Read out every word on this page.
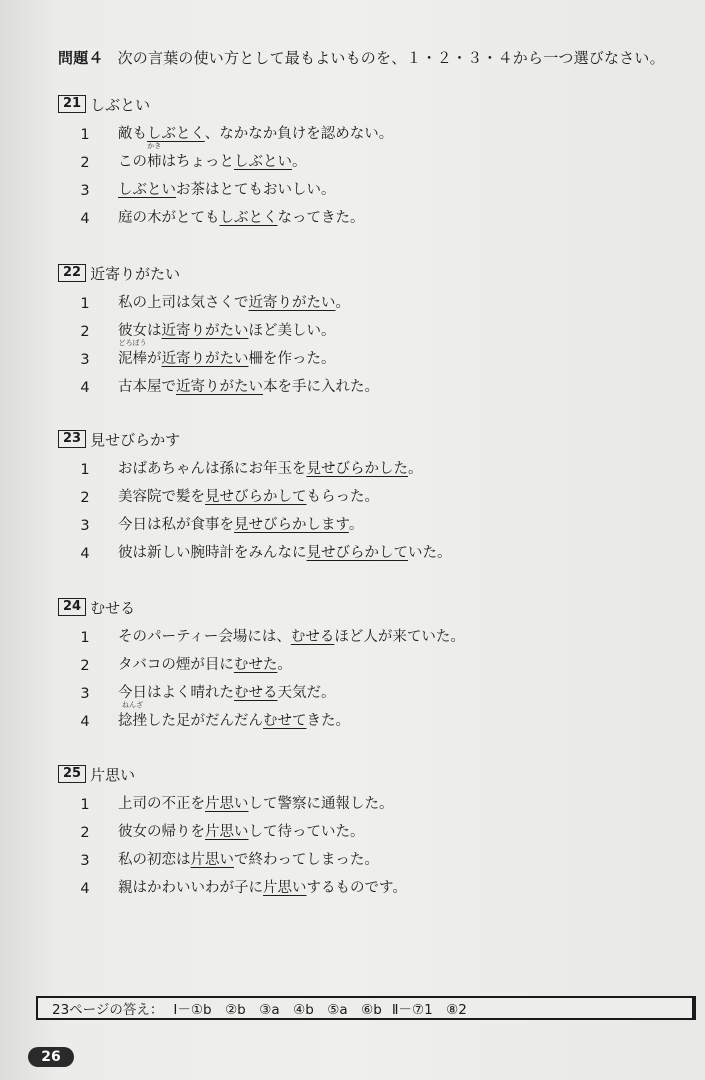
問題４ 次の言葉の使い方として最もよいものを、１・２・３・４から一つ選びなさい。
21 しぶとい
1	敵もしぶとく、なかなか負けを認めない。
2	この
かき
柿はちょっとしぶとい。
3	しぶといお茶はとてもおいしい。
4	庭の木がとてもしぶとくなってきた。
22 近寄りがたい
1	私の上司は気さくで近寄りがたい。
2	彼女は近寄りがたいほど美しい。
3
どろぼう
泥棒が近寄りがたい柵を作った。
4	古本屋で近寄りがたい本を手に入れた。
23 見せびらかす
1	おばあちゃんは孫にお年玉を見せびらかした。
2	美容院で髪を見せびらかしてもらった。
3	今日は私が食事を見せびらかします。
4	彼は新しい腕時計をみんなに見せびらかしていた。
24 むせる
1	そのパーティー会場には、むせるほど人が来ていた。
2	タバコの煙が目にむせた。
3	今日はよく晴れたむせる天気だ。
4
ねんざ
捻挫した足がだんだんむせてきた。
25 片思い
1	上司の不正を片思いして警察に通報した。
2	彼女の帰りを片思いして待っていた。
3	私の初恋は片思いで終わってしまった。
4	親はかわいいわが子に片思いするものです。
23ページの答え： Ⅰ－①b　②b　③a　④b　⑤a　⑥b Ⅱ－⑦1　⑧2
26
